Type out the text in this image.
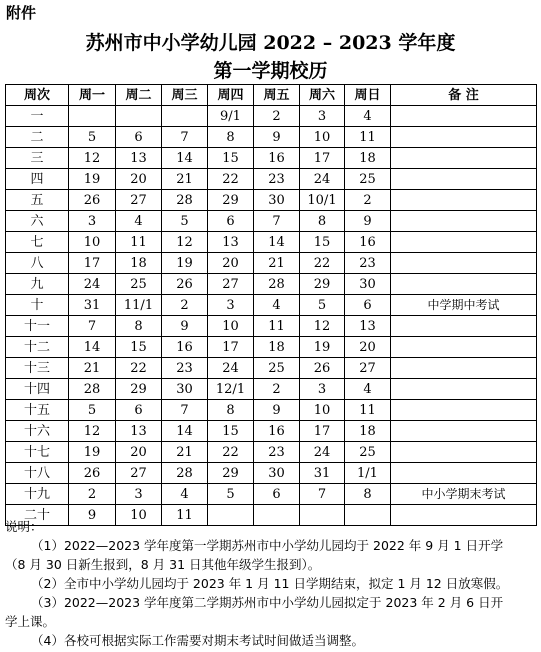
附件
苏州市中小学幼儿园 2022 – 2023 学年度
第一学期校历
周次	周一	周二	周三	周四	周五	周六	周日	备 注
一				9/1	2	3	4	
二	5	6	7	8	9	10	11	
三	12	13	14	15	16	17	18	
四	19	20	21	22	23	24	25	
五	26	27	28	29	30	10/1	2	
六	3	4	5	6	7	8	9	
七	10	11	12	13	14	15	16	
八	17	18	19	20	21	22	23	
九	24	25	26	27	28	29	30	
十	31	11/1	2	3	4	5	6	中学期中考试
十一	7	8	9	10	11	12	13	
十二	14	15	16	17	18	19	20	
十三	21	22	23	24	25	26	27	
十四	28	29	30	12/1	2	3	4	
十五	5	6	7	8	9	10	11	
十六	12	13	14	15	16	17	18	
十七	19	20	21	22	23	24	25	
十八	26	27	28	29	30	31	1/1	
十九	2	3	4	5	6	7	8	中小学期末考试
二十	9	10	11					

说明：

（1）2022—2023 学年度第一学期苏州市中小学幼儿园均于 2022 年 9 月 1 日开学

（8 月 30 日新生报到，8 月 31 日其他年级学生报到）。

（2）全市中小学幼儿园均于 2023 年 1 月 11 日学期结束，拟定 1 月 12 日放寒假。

（3）2022—2023 学年度第二学期苏州市中小学幼儿园拟定于 2023 年 2 月 6 日开

学上课。

（4）各校可根据实际工作需要对期末考试时间做适当调整。
